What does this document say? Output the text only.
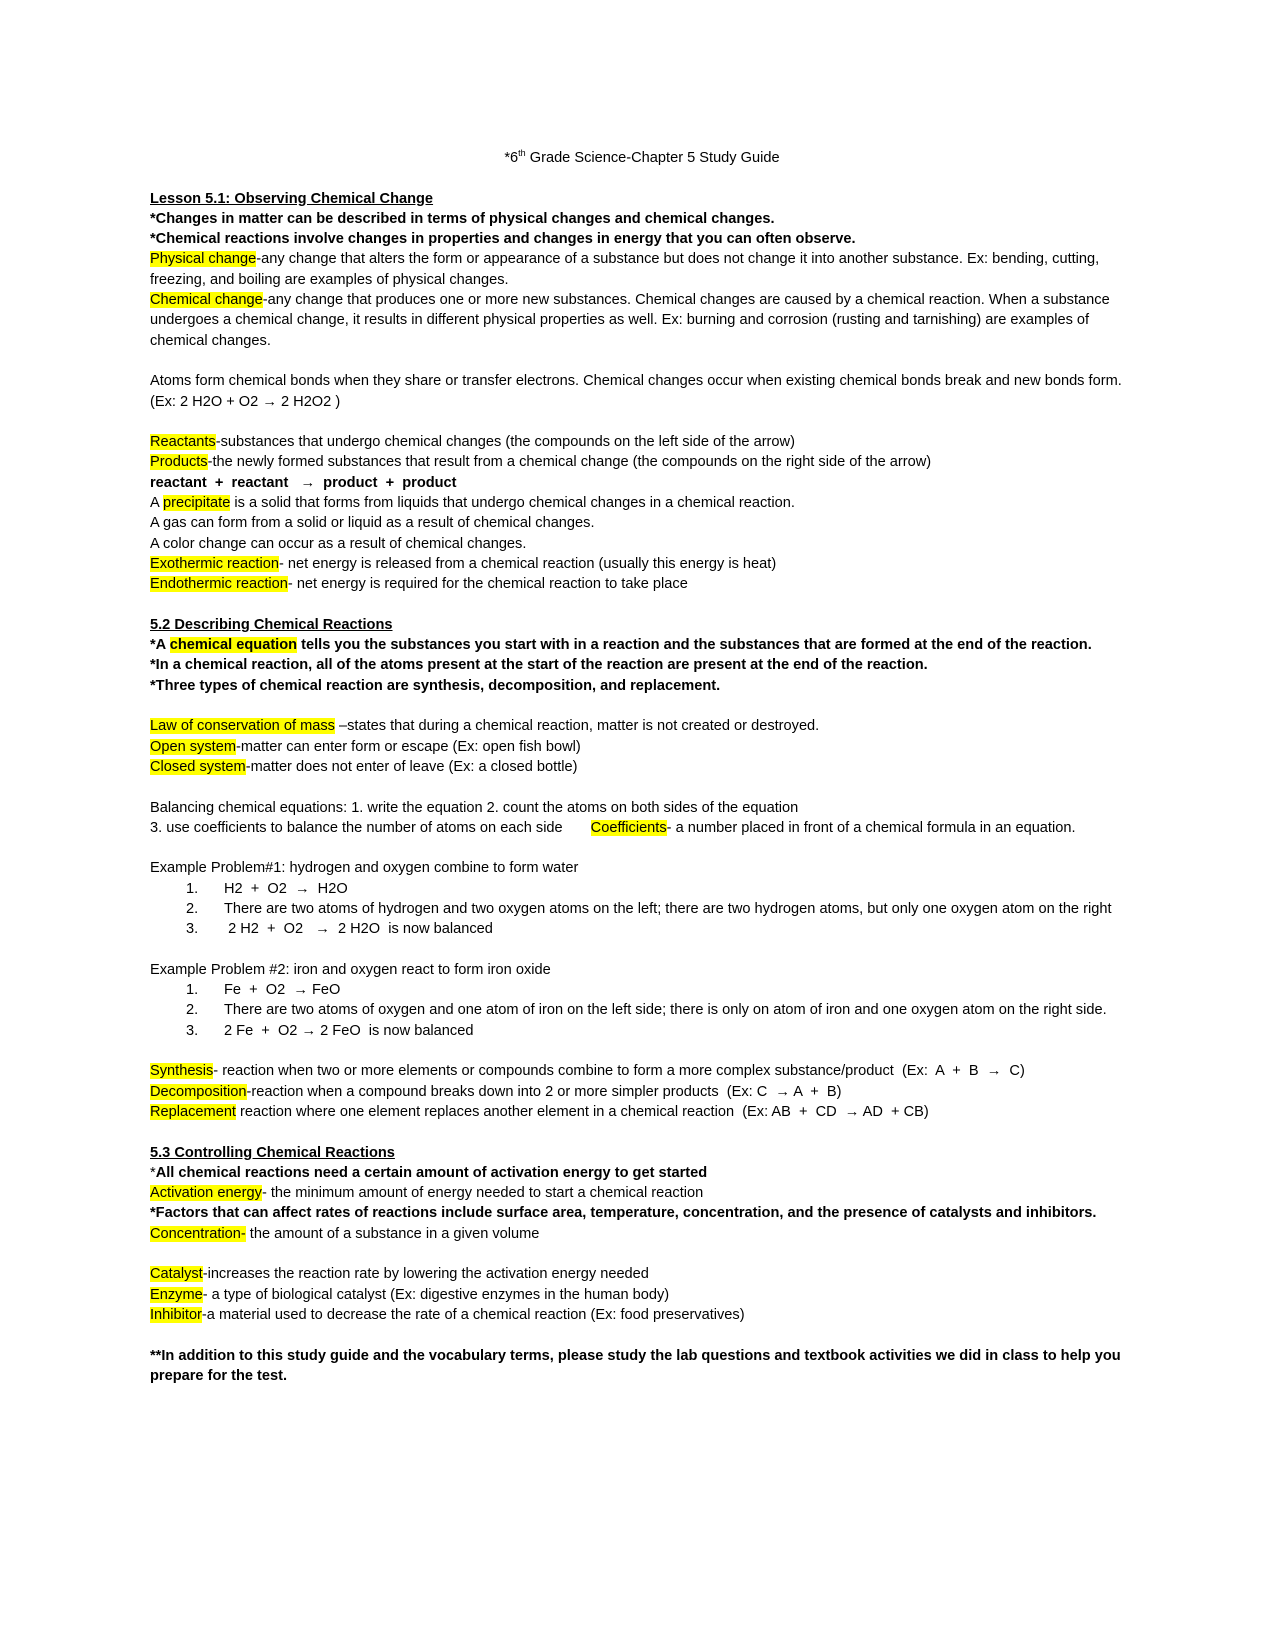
*6th Grade Science-Chapter 5 Study Guide
Lesson 5.1: Observing Chemical Change
*Changes in matter can be described in terms of physical changes and chemical changes.
*Chemical reactions involve changes in properties and changes in energy that you can often observe.
Physical change-any change that alters the form or appearance of a substance but does not change it into another substance. Ex: bending, cutting, freezing, and boiling are examples of physical changes.
Chemical change-any change that produces one or more new substances. Chemical changes are caused by a chemical reaction. When a substance undergoes a chemical change, it results in different physical properties as well. Ex: burning and corrosion (rusting and tarnishing) are examples of chemical changes.
Atoms form chemical bonds when they share or transfer electrons. Chemical changes occur when existing chemical bonds break and new bonds form. (Ex: 2 H2O + O2 → 2 H2O2 )
Reactants-substances that undergo chemical changes (the compounds on the left side of the arrow)
Products-the newly formed substances that result from a chemical change (the compounds on the right side of the arrow)
reactant  +  reactant   →  product  +  product
A precipitate is a solid that forms from liquids that undergo chemical changes in a chemical reaction.
A gas can form from a solid or liquid as a result of chemical changes.
A color change can occur as a result of chemical changes.
Exothermic reaction- net energy is released from a chemical reaction (usually this energy is heat)
Endothermic reaction- net energy is required for the chemical reaction to take place
5.2 Describing Chemical Reactions
*A chemical equation tells you the substances you start with in a reaction and the substances that are formed at the end of the reaction.
*In a chemical reaction, all of the atoms present at the start of the reaction are present at the end of the reaction.
*Three types of chemical reaction are synthesis, decomposition, and replacement.
Law of conservation of mass –states that during a chemical reaction, matter is not created or destroyed.
Open system-matter can enter form or escape (Ex: open fish bowl)
Closed system-matter does not enter of leave (Ex: a closed bottle)
Balancing chemical equations: 1. write the equation 2. count the atoms on both sides of the equation
3. use coefficients to balance the number of atoms on each side Coefficients- a number placed in front of a chemical formula in an equation.
Example Problem#1: hydrogen and oxygen combine to form water
1.	H2  +  O2  →  H2O
2.	There are two atoms of hydrogen and two oxygen atoms on the left; there are two hydrogen atoms, but only one oxygen atom on the right
3.	2 H2  +  O2   →  2 H2O  is now balanced
Example Problem #2: iron and oxygen react to form iron oxide
1.	Fe  +  O2  → FeO
2.	There are two atoms of oxygen and one atom of iron on the left side; there is only on atom of iron and one oxygen atom on the right side.
3.	2 Fe  +  O2 → 2 FeO  is now balanced
Synthesis- reaction when two or more elements or compounds combine to form a more complex substance/product  (Ex:  A  +  B  →  C)
Decomposition-reaction when a compound breaks down into 2 or more simpler products  (Ex: C  → A  +  B)
Replacement reaction where one element replaces another element in a chemical reaction  (Ex: AB  +  CD  → AD  + CB)
5.3 Controlling Chemical Reactions
*All chemical reactions need a certain amount of activation energy to get started
Activation energy- the minimum amount of energy needed to start a chemical reaction
*Factors that can affect rates of reactions include surface area, temperature, concentration, and the presence of catalysts and inhibitors.
Concentration- the amount of a substance in a given volume
Catalyst-increases the reaction rate by lowering the activation energy needed
Enzyme- a type of biological catalyst (Ex: digestive enzymes in the human body)
Inhibitor-a material used to decrease the rate of a chemical reaction (Ex: food preservatives)
**In addition to this study guide and the vocabulary terms, please study the lab questions and textbook activities we did in class to help you prepare for the test.
